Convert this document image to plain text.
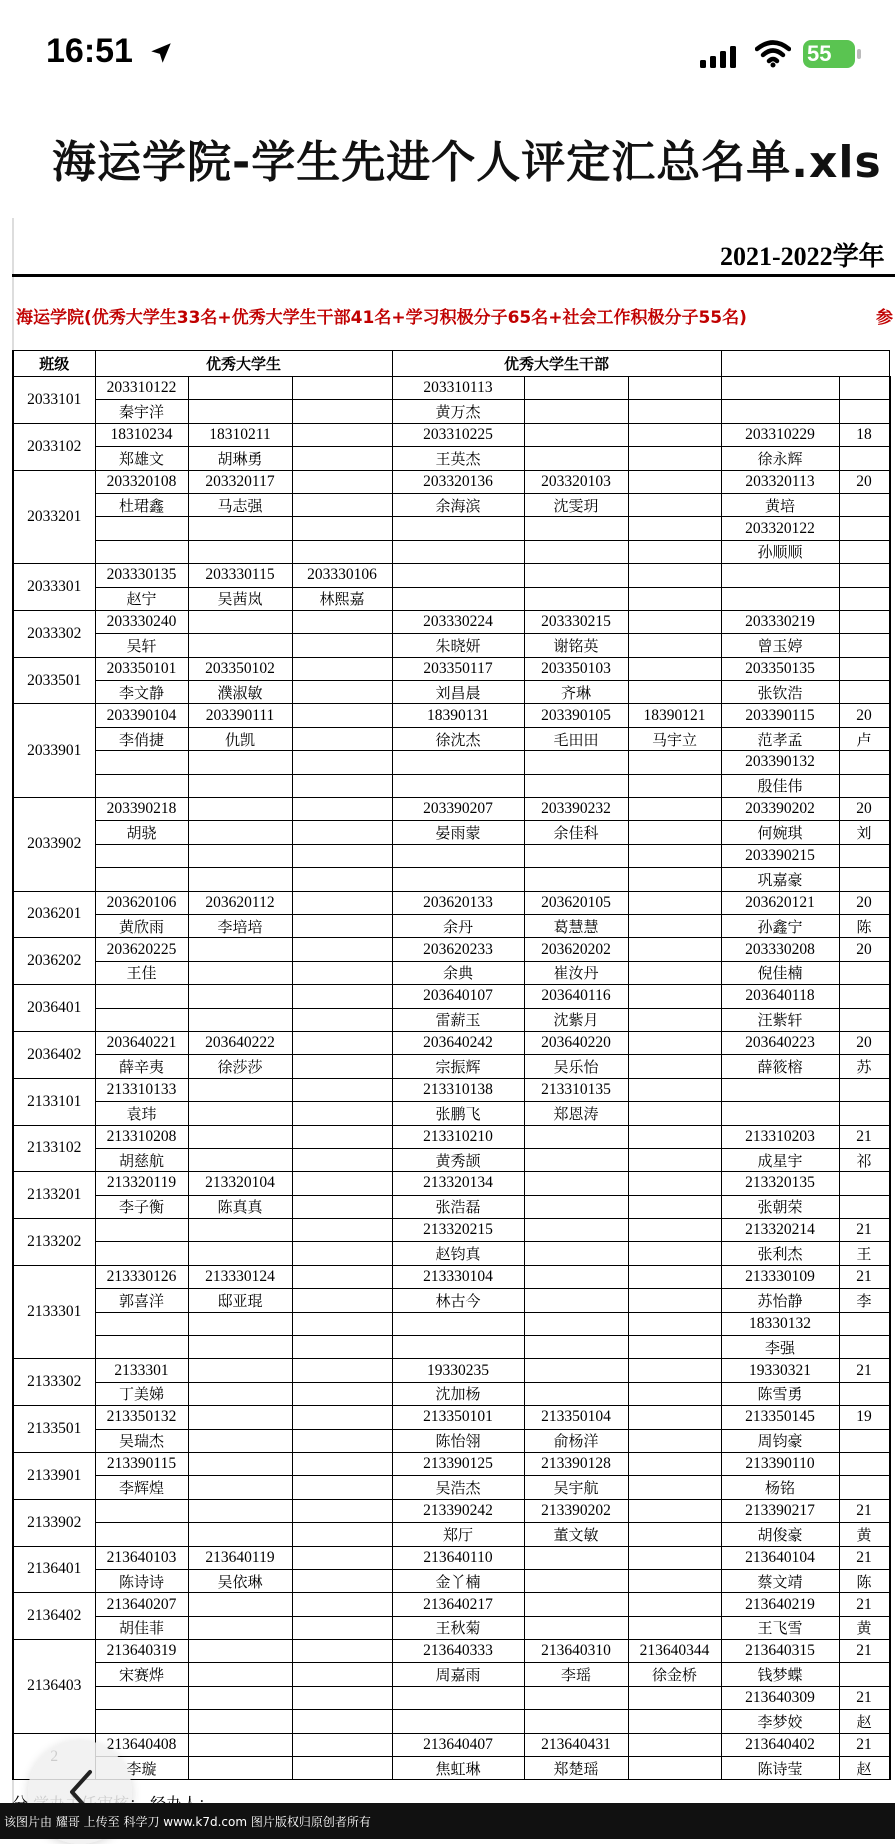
16:51	55
海运学院-学生先进个人评定汇总名单.xls
2021-2022学年
海运学院(优秀大学生33名+优秀大学生干部41名+学习积极分子65名+社会工作积极分子55名)	参
班级	优秀大学生			优秀大学生干部					
2033101	203310122			203310113					
	秦宇洋			黄万杰					
2033102	18310234	18310211		203310225			203310229	18	
	郑雄文	胡琳勇		王英杰			徐永辉		
2033201	203320108	203320117		203320136	203320103		203320113	20	
	杜珺鑫	马志强		余海滨	沈雯玥		黄培		
							203320122		
							孙顺顺		
2033301	203330135	203330115	203330106						
	赵宁	吴茜岚	林熙嘉						
2033302	203330240			203330224	203330215		203330219		
	吴轩			朱晓妍	谢铭英		曾玉婷		
2033501	203350101	203350102		203350117	203350103		203350135		
	李文静	濮淑敏		刘昌晨	齐琳		张钦浩		
2033901	203390104	203390111		18390131	203390105	18390121	203390115	20	
	李俏捷	仇凯		徐沈杰	毛田田	马宇立	范孝孟	卢	
							203390132		
							殷佳伟		
2033902	203390218			203390207	203390232		203390202	20	
	胡骁			晏雨蒙	余佳科		何婉琪	刘	
							203390215		
							巩嘉豪		
2036201	203620106	203620112		203620133	203620105		203620121	20	
	黄欣雨	李培培		余丹	葛慧慧		孙鑫宁	陈	
2036202	203620225			203620233	203620202		203330208	20	
	王佳			余典	崔汝丹		倪佳楠		
2036401				203640107	203640116		203640118		
				雷薪玉	沈紫月		汪紫轩		
2036402	203640221	203640222		203640242	203640220		203640223	20	
	薛辛夷	徐莎莎		宗振辉	吴乐怡		薛筱榕	苏	
2133101	213310133			213310138	213310135				
	袁玮			张鹏飞	郑恩涛				
2133102	213310208			213310210			213310203	21	
	胡慈航			黄秀颉			成星宇	祁	
2133201	213320119	213320104		213320134			213320135		
	李子衡	陈真真		张浩磊			张朝荣		
2133202				213320215			213320214	21	
				赵钧真			张利杰	王	
2133301	213330126	213330124		213330104			213330109	21	
	郭喜洋	邸亚琨		林古今			苏怡静	李	
							18330132		
							李强		
2133302	2133301			19330235			19330321	21	
	丁美娣			沈加杨			陈雪勇		
2133501	213350132			213350101	213350104		213350145	19	
	吴瑞杰			陈怡翎	俞杨洋		周钧豪		
2133901	213390115			213390125	213390128		213390110		
	李辉煌			吴浩杰	吴宇航		杨铭		
2133902				213390242	213390202		213390217	21	
				郑厅	董文敏		胡俊豪	黄	
2136401	213640103	213640119		213640110			213640104	21	
	陈诗诗	吴依琳		金丫楠			蔡文靖	陈	
2136402	213640207			213640217			213640219	21	
	胡佳菲			王秋菊			王飞雪	黄	
2136403	213640319			213640333	213640310	213640344	213640315	21	
	宋赛烨			周嘉雨	李瑶	徐金桥	钱梦蝶		
							213640309	21	
							李梦姣	赵	
	213640408			213640407	213640431		213640402	21	
	李璇			焦虹琳	郑楚瑶		陈诗莹	赵	
该图片由 耀哥 上传至 科学刀 www.k7d.com 图片版权归原创者所有
